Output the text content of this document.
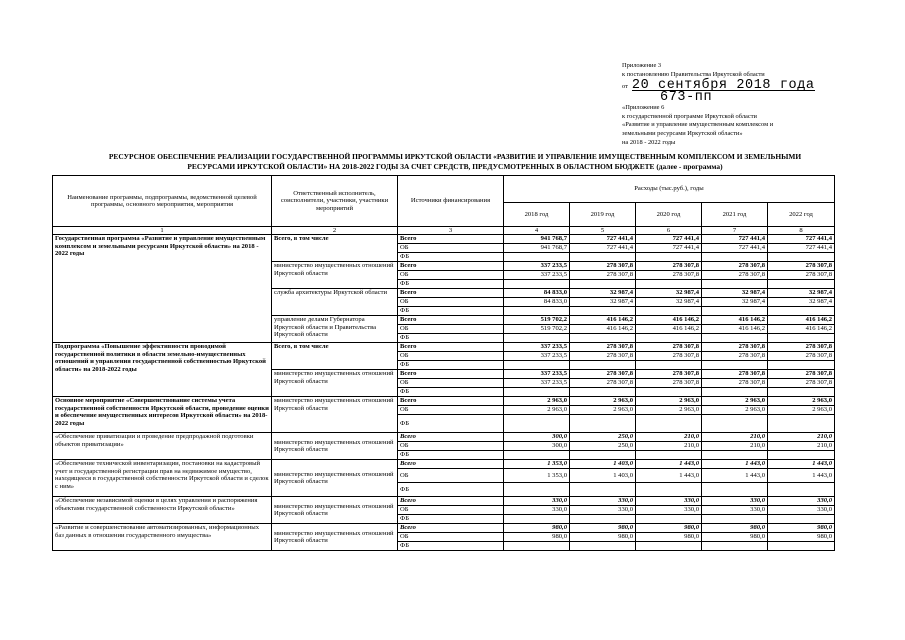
Приложение 3
к постановлению Правительства Иркутской области
от 20 сентября 2018 года
673-пп
«Приложение 6
к государственной программе Иркутской области
«Развитие и управление имущественным комплексом и
земельными ресурсами Иркутской области»
на 2018 - 2022 годы
РЕСУРСНОЕ ОБЕСПЕЧЕНИЕ РЕАЛИЗАЦИИ ГОСУДАРСТВЕННОЙ ПРОГРАММЫ ИРКУТСКОЙ ОБЛАСТИ «РАЗВИТИЕ И УПРАВЛЕНИЕ ИМУЩЕСТВЕННЫМ КОМПЛЕКСОМ И ЗЕМЕЛЬНЫМИ
РЕСУРСАМИ ИРКУТСКОЙ ОБЛАСТИ» НА 2018-2022 ГОДЫ ЗА СЧЕТ СРЕДСТВ, ПРЕДУСМОТРЕННЫХ В ОБЛАСТНОМ БЮДЖЕТЕ (далее - программа)
Наименование программы, подпрограммы, ведомственной целевой программы, основного мероприятия, мероприятия	Ответственный исполнитель, соисполнители, участники, участники мероприятий	Источники финансирования	Расходы (тыс.руб.), годы				
			2018 год	2019 год	2020 год	2021 год	2022 год
1	2	3	4	5	6	7	8
Государственная программа «Развитие и управление имущественным комплексом и земельными ресурсами Иркутской области» на 2018 - 2022 годы	Всего, в том числе	Всего	941 768,7	727 441,4	727 441,4	727 441,4	727 441,4
		ОБ	941 768,7	727 441,4	727 441,4	727 441,4	727 441,4
		ФБ					
	министерство имущественных отношений Иркутской области	Всего	337 233,5	278 307,8	278 307,8	278 307,8	278 307,8
		ОБ	337 233,5	278 307,8	278 307,8	278 307,8	278 307,8
		ФБ					
	служба архитектуры Иркутской области	Всего	84 833,0	32 987,4	32 987,4	32 987,4	32 987,4
		ОБ	84 833,0	32 987,4	32 987,4	32 987,4	32 987,4
		ФБ					
	управление делами Губернатора Иркутской области и Правительства Иркутской области	Всего	519 702,2	416 146,2	416 146,2	416 146,2	416 146,2
		ОБ	519 702,2	416 146,2	416 146,2	416 146,2	416 146,2
		ФБ					
Подпрограмма «Повышение эффективности проводимой государственной политики в области земельно-имущественных отношений и управления государственной собственностью Иркутской области» на 2018-2022 годы	Всего, в том числе	Всего	337 233,5	278 307,8	278 307,8	278 307,8	278 307,8
		ОБ	337 233,5	278 307,8	278 307,8	278 307,8	278 307,8
		ФБ					
	министерство имущественных отношений Иркутской области	Всего	337 233,5	278 307,8	278 307,8	278 307,8	278 307,8
		ОБ	337 233,5	278 307,8	278 307,8	278 307,8	278 307,8
		ФБ					
Основное мероприятие «Совершенствование системы учета государственной собственности Иркутской области, проведение оценки и обеспечение имущественных интересов Иркутской области» на 2018-2022 годы	министерство имущественных отношений Иркутской области	Всего	2 963,0	2 963,0	2 963,0	2 963,0	2 963,0
		ОБ	2 963,0	2 963,0	2 963,0	2 963,0	2 963,0
		ФБ					
«Обеспечение приватизации и проведение предпродажной подготовки объектов приватизации»	министерство имущественных отношений Иркутской области	Всего	300,0	250,0	210,0	210,0	210,0
		ОБ	300,0	250,0	210,0	210,0	210,0
		ФБ					
«Обеспечение технической инвентаризации, постановки на кадастровый учет и государственной регистрации прав на недвижимое имущество, находящееся в государственной собственности Иркутской области и сделок с ним»	министерство имущественных отношений Иркутской области	Всего	1 353,0	1 403,0	1 443,0	1 443,0	1 443,0
		ОБ	1 353,0	1 403,0	1 443,0	1 443,0	1 443,0
		ФБ					
«Обеспечение независимой оценки в целях управления и распоряжения объектами государственной собственности Иркутской области»	министерство имущественных отношений Иркутской области	Всего	330,0	330,0	330,0	330,0	330,0
		ОБ	330,0	330,0	330,0	330,0	330,0
		ФБ					
«Развитие и совершенствование автоматизированных, информационных баз данных в отношении государственного имущества»	министерство имущественных отношений Иркутской области	Всего	980,0	980,0	980,0	980,0	980,0
		ОБ	980,0	980,0	980,0	980,0	980,0
		ФБ					
